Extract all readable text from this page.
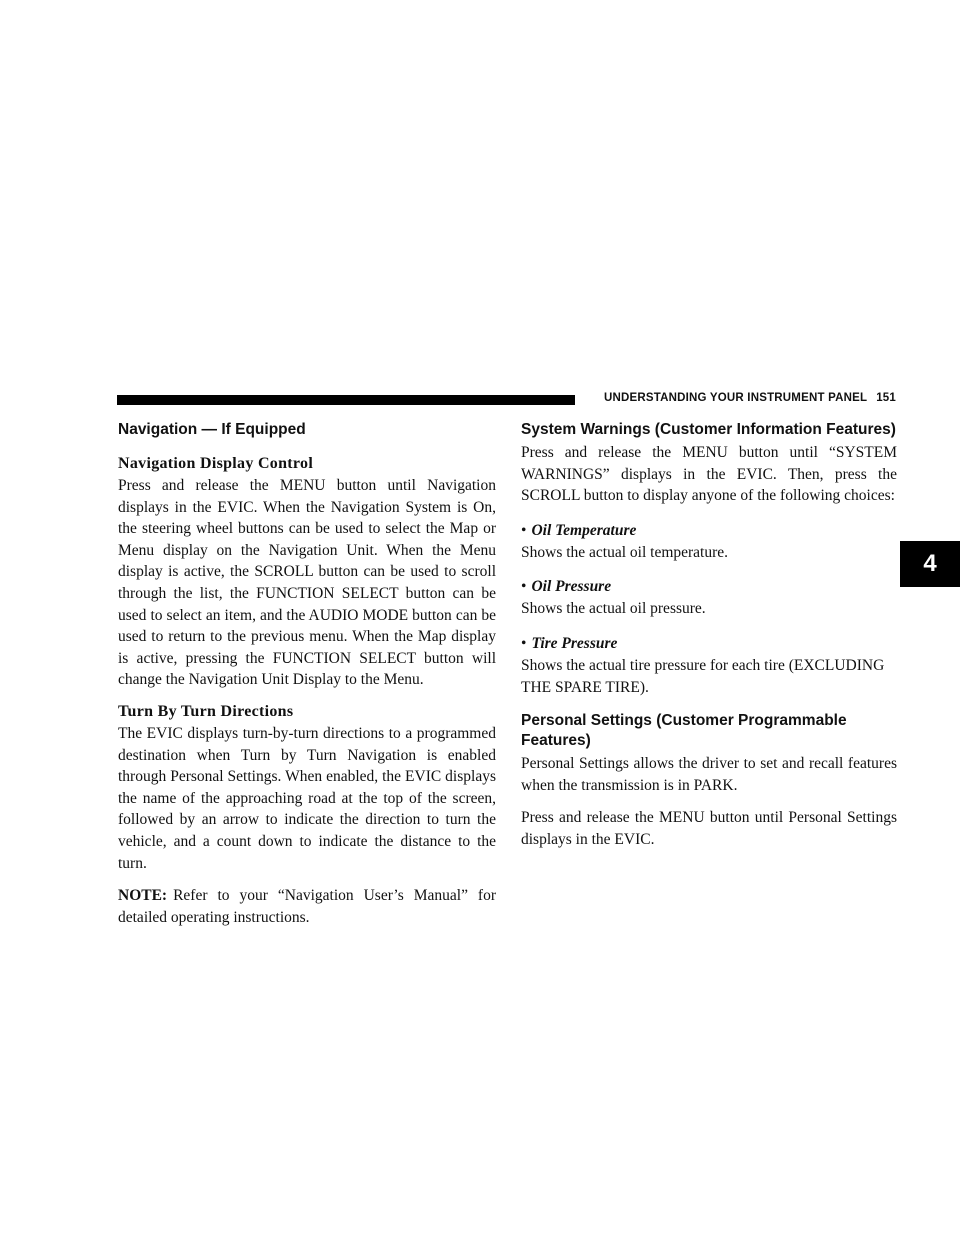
UNDERSTANDING YOUR INSTRUMENT PANEL 151
4
Navigation — If Equipped
Navigation Display Control

Press and release the MENU button until Navigation displays in the EVIC. When the Navigation System is On, the steering wheel buttons can be used to select the Map or Menu display on the Navigation Unit. When the Menu display is active, the SCROLL button can be used to scroll through the list, the FUNCTION SELECT button can be used to select an item, and the AUDIO MODE button can be used to return to the previous menu. When the Map display is active, pressing the FUNCTION SELECT button will change the Navigation Unit Display to the Menu.

Turn By Turn Directions

The EVIC displays turn-by-turn directions to a programmed destination when Turn by Turn Navigation is enabled through Personal Settings. When enabled, the EVIC displays the name of the approaching road at the top of the screen, followed by an arrow to indicate the direction to turn the vehicle, and a count down to indicate the distance to the turn.

NOTE: Refer to your “Navigation User’s Manual” for detailed operating instructions.

System Warnings (Customer Information Features)

Press and release the MENU button until “SYSTEM WARNINGS” displays in the EVIC. Then, press the SCROLL button to display anyone of the following choices:

• Oil Temperature

Shows the actual oil temperature.

• Oil Pressure

Shows the actual oil pressure.

• Tire Pressure

Shows the actual tire pressure for each tire (EXCLUDING THE SPARE TIRE).

Personal Settings (Customer Programmable Features)

Personal Settings allows the driver to set and recall features when the transmission is in PARK.

Press and release the MENU button until Personal Settings displays in the EVIC.
